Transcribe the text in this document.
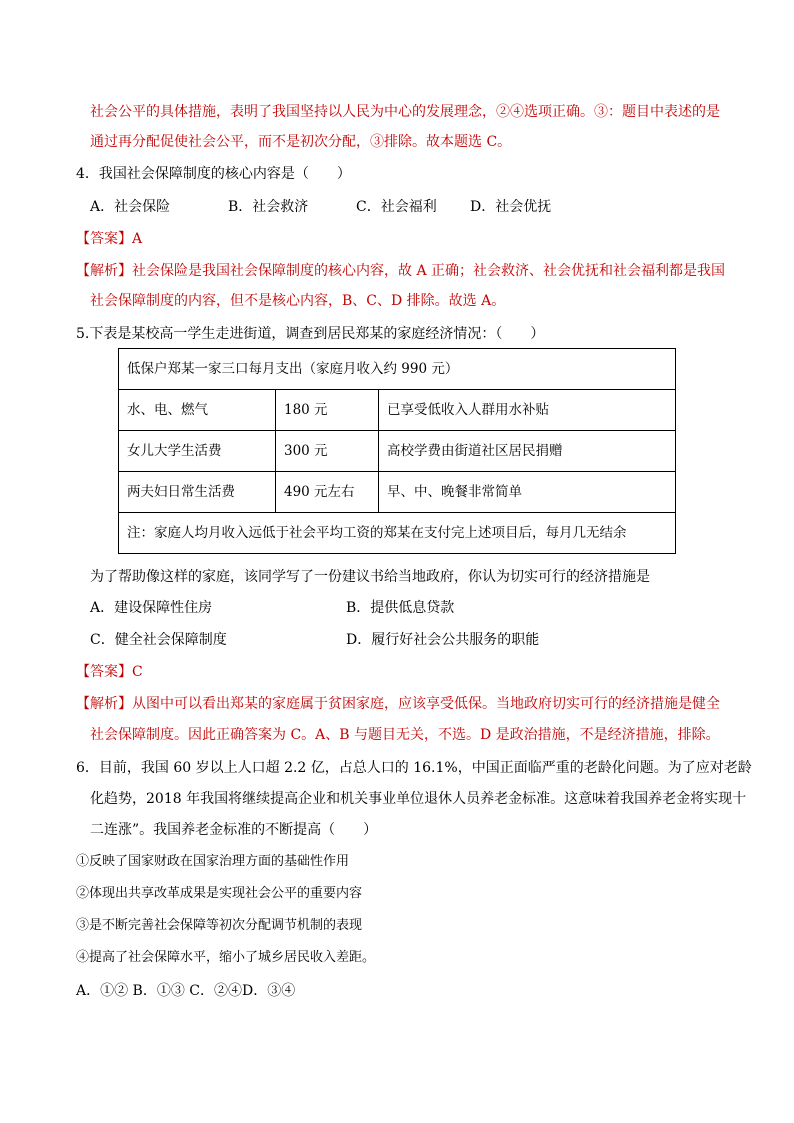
社会公平的具体措施，表明了我国坚持以人民为中心的发展理念，②④选项正确。③：题目中表述的是
通过再分配促使社会公平，而不是初次分配，③排除。故本题选 C。
4．我国社会保障制度的核心内容是（　　）
A．社会保险	B．社会救济	C．社会福利 D．社会优抚
【答案】A
【解析】社会保险是我国社会保障制度的核心内容，故 A 正确；社会救济、社会优抚和社会福利都是我国
社会保障制度的内容，但不是核心内容，B、C、D 排除。故选 A。
5.下表是某校高一学生走进街道，调查到居民郑某的家庭经济情况：（　　）
低保户郑某一家三口每月支出（家庭月收入约 990 元）		
水、电、燃气	180 元	已享受低收入人群用水补贴
女儿大学生活费	300 元	高校学费由街道社区居民捐赠
两夫妇日常生活费	490 元左右	早、中、晚餐非常简单
注：家庭人均月收入远低于社会平均工资的郑某在支付完上述项目后，每月几无结余		
为了帮助像这样的家庭，该同学写了一份建议书给当地政府，你认为切实可行的经济措施是
A．建设保障性住房	B．提供低息贷款
C．健全社会保障制度	D．履行好社会公共服务的职能
【答案】C
【解析】从图中可以看出郑某的家庭属于贫困家庭，应该享受低保。当地政府切实可行的经济措施是健全
社会保障制度。因此正确答案为 C。A、B 与题目无关，不选。D 是政治措施，不是经济措施，排除。
6．目前，我国 60 岁以上人口超 2.2 亿，占总人口的 16.1%，中国正面临严重的老龄化问题。为了应对老龄
化趋势，2018 年我国将继续提高企业和机关事业单位退休人员养老金标准。这意味着我国养老金将实现十
二连涨”。我国养老金标准的不断提高（　　）
①反映了国家财政在国家治理方面的基础性作用
②体现出共享改革成果是实现社会公平的重要内容
③是不断完善社会保障等初次分配调节机制的表现
④提高了社会保障水平，缩小了城乡居民收入差距。
A．①② B．①③ C．②④D．③④
